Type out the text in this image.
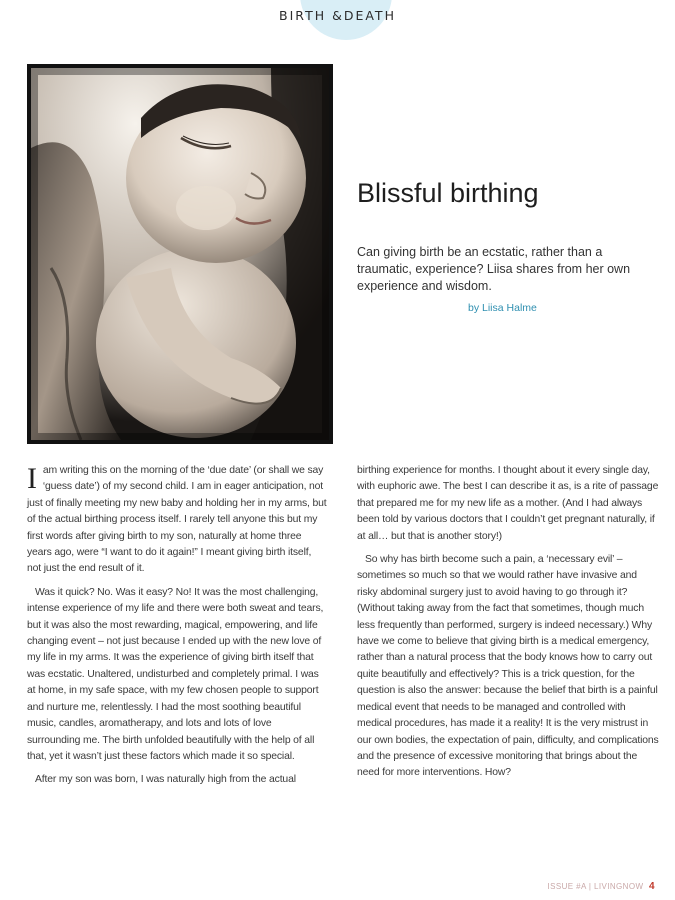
BIRTH &DEATH
Blissful birthing

Can giving birth be an ecstatic, rather than a traumatic, experience? Liisa shares from her own experience and wisdom.

by Liisa Halme

Iam writing this on the morning of the ‘due date’ (or shall we say ‘guess date’) of my second child. I am in eager anticipation, not just of finally meeting my new baby and holding her in my arms, but of the actual birthing process itself. I rarely tell anyone this but my first words after giving birth to my son, naturally at home three years ago, were “I want to do it again!” I meant giving birth itself, not just the end result of it.

Was it quick? No. Was it easy? No! It was the most challenging, intense experience of my life and there were both sweat and tears, but it was also the most rewarding, magical, empowering, and life changing event – not just because I ended up with the new love of my life in my arms. It was the experience of giving birth itself that was ecstatic. Unaltered, undisturbed and completely primal. I was at home, in my safe space, with my few chosen people to support and nurture me, relentlessly. I had the most soothing beautiful music, candles, aromatherapy, and lots and lots of love surrounding me. The birth unfolded beautifully with the help of all that, yet it wasn’t just these factors which made it so special.

After my son was born, I was naturally high from the actual

birthing experience for months. I thought about it every single day, with euphoric awe. The best I can describe it as, is a rite of passage that prepared me for my new life as a mother. (And I had always been told by various doctors that I couldn’t get pregnant naturally, if at all… but that is another story!)

So why has birth become such a pain, a ‘necessary evil’ – sometimes so much so that we would rather have invasive and risky abdominal surgery just to avoid having to go through it? (Without taking away from the fact that sometimes, though much less frequently than performed, surgery is indeed necessary.) Why have we come to believe that giving birth is a medical emergency, rather than a natural process that the body knows how to carry out quite beautifully and effectively? This is a trick question, for the question is also the answer: because the belief that birth is a painful medical event that needs to be managed and controlled with medical procedures, has made it a reality! It is the very mistrust in our own bodies, the expectation of pain, difficulty, and complications and the presence of excessive monitoring that brings about the need for more interventions. How?

ISSUE #A | LIVINGNOW 4
